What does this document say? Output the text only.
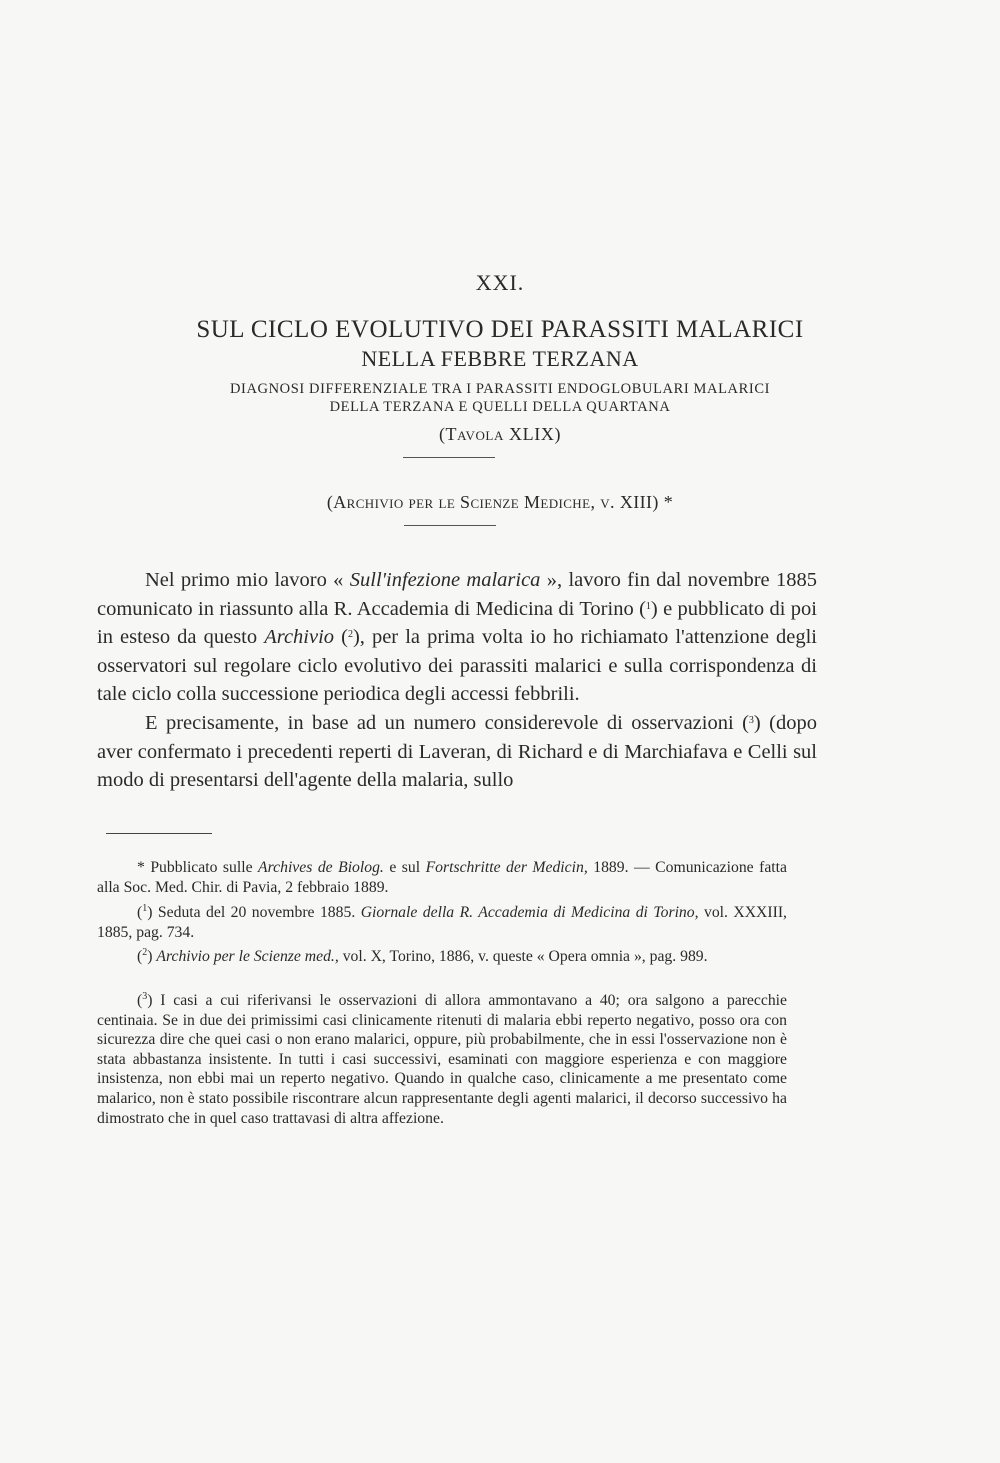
XXI.
SUL CICLO EVOLUTIVO DEI PARASSITI MALARICI
NELLA FEBBRE TERZANA
DIAGNOSI DIFFERENZIALE TRA I PARASSITI ENDOGLOBULARI MALARICI
DELLA TERZANA E QUELLI DELLA QUARTANA
(Tavola XLIX)
(Archivio per le Scienze Mediche, v. XIII) *

Nel primo mio lavoro « Sull'infezione malarica », lavoro fin dal novembre 1885 comunicato in riassunto alla R. Accademia di Medicina di Torino ($^1$) e pubblicato di poi in esteso da questo Archivio ($^2$), per la prima volta io ho richiamato l'attenzione degli osservatori sul regolare ciclo evolutivo dei parassiti malarici e sulla corrispondenza di tale ciclo colla successione periodica degli accessi febbrili.

E precisamente, in base ad un numero considerevole di osservazioni ($^3$) (dopo aver confermato i precedenti reperti di Laveran, di Richard e di Marchiafava e Celli sul modo di presentarsi dell'agente della malaria, sullo

* Pubblicato sulle Archives de Biolog. e sul Fortschritte der Medicin, 1889. — Comunicazione fatta alla Soc. Med. Chir. di Pavia, 2 febbraio 1889.

($^1$) Seduta del 20 novembre 1885. Giornale della R. Accademia di Medicina di Torino, vol. XXXIII, 1885, pag. 734.

($^2$) Archivio per le Scienze med., vol. X, Torino, 1886, v. queste « Opera omnia », pag. 989.

($^3$) I casi a cui riferivansi le osservazioni di allora ammontavano a 40; ora salgono a parecchie centinaia. Se in due dei primissimi casi clinicamente ritenuti di malaria ebbi reperto negativo, posso ora con sicurezza dire che quei casi o non erano malarici, oppure, più probabilmente, che in essi l'osservazione non è stata abbastanza insistente. In tutti i casi successivi, esaminati con maggiore esperienza e con maggiore insistenza, non ebbi mai un reperto negativo. Quando in qualche caso, clinicamente a me presentato come malarico, non è stato possibile riscontrare alcun rappresentante degli agenti malarici, il decorso successivo ha dimostrato che in quel caso trattavasi di altra affezione.
